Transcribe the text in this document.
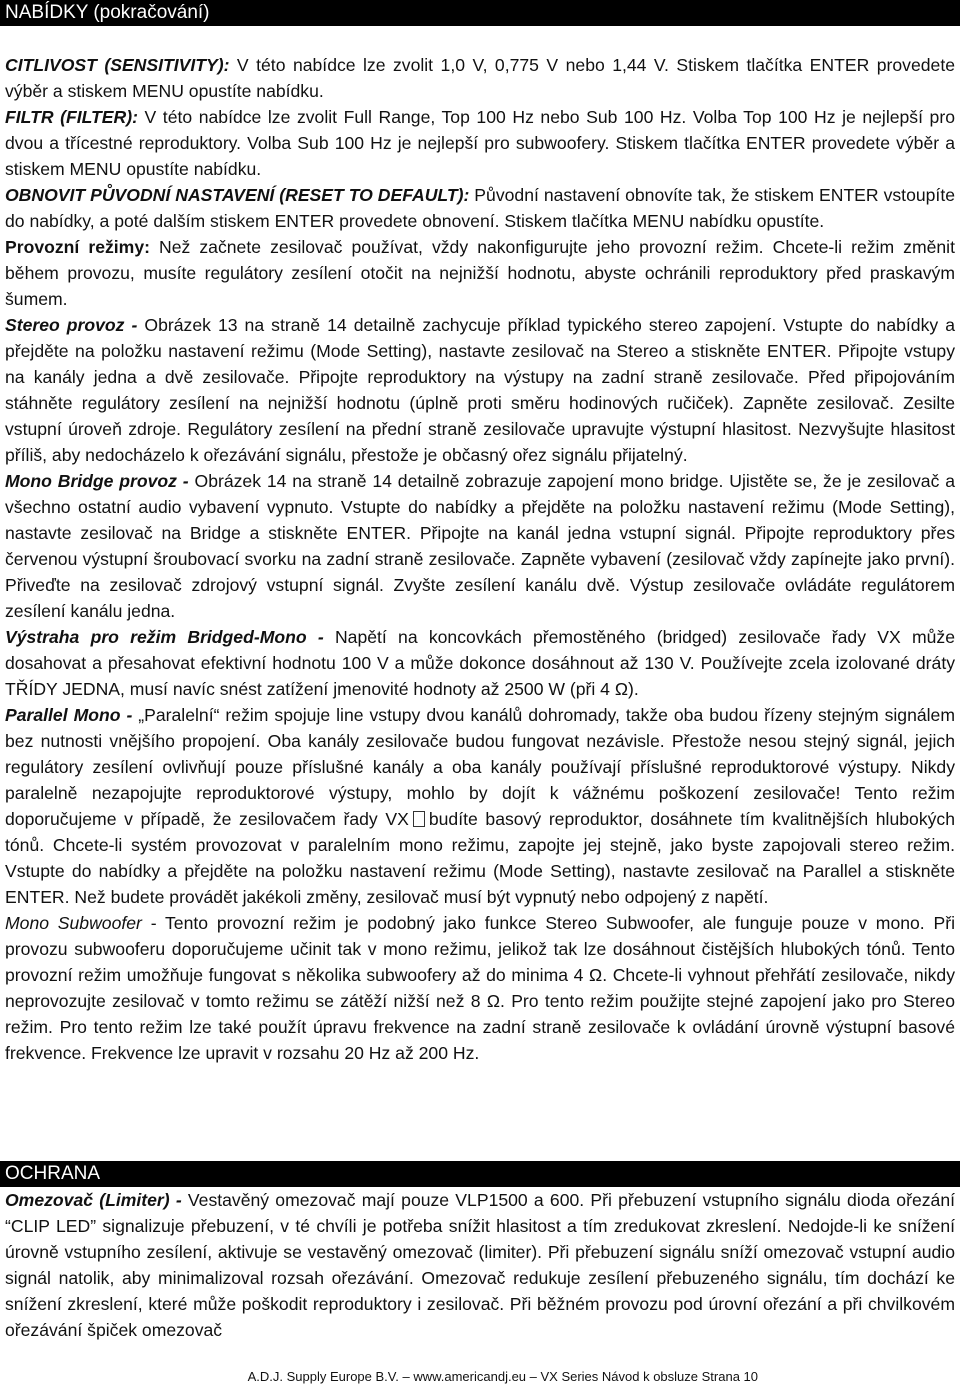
NABÍDKY (pokračování)

CITLIVOST (SENSITIVITY): V této nabídce lze zvolit 1,0 V, 0,775 V nebo 1,44 V. Stiskem tlačítka ENTER provedete výběr a stiskem MENU opustíte nabídku.

FILTR (FILTER): V této nabídce lze zvolit Full Range, Top 100 Hz nebo Sub 100 Hz. Volba Top 100 Hz je nejlepší pro dvou a třícestné reproduktory. Volba Sub 100 Hz je nejlepší pro subwoofery. Stiskem tlačítka ENTER provedete výběr a stiskem MENU opustíte nabídku.

OBNOVIT PŮVODNÍ NASTAVENÍ (RESET TO DEFAULT): Původní nastavení obnovíte tak, že stiskem ENTER vstoupíte do nabídky, a poté dalším stiskem ENTER provedete obnovení. Stiskem tlačítka MENU nabídku opustíte.

Provozní režimy: Než začnete zesilovač používat, vždy nakonfigurujte jeho provozní režim. Chcete-li režim změnit během provozu, musíte regulátory zesílení otočit na nejnižší hodnotu, abyste ochránili reproduktory před praskavým šumem.

Stereo provoz - Obrázek 13 na straně 14 detailně zachycuje příklad typického stereo zapojení. Vstupte do nabídky a přejděte na položku nastavení režimu (Mode Setting), nastavte zesilovač na Stereo a stiskněte ENTER. Připojte vstupy na kanály jedna a dvě zesilovače. Připojte reproduktory na výstupy na zadní straně zesilovače. Před připojováním stáhněte regulátory zesílení na nejnižší hodnotu (úplně proti směru hodinových ručiček). Zapněte zesilovač. Zesilte vstupní úroveň zdroje. Regulátory zesílení na přední straně zesilovače upravujte výstupní hlasitost. Nezvyšujte hlasitost příliš, aby nedocházelo k ořezávání signálu, přestože je občasný ořez signálu přijatelný.

Mono Bridge provoz - Obrázek 14 na straně 14 detailně zobrazuje zapojení mono bridge. Ujistěte se, že je zesilovač a všechno ostatní audio vybavení vypnuto. Vstupte do nabídky a přejděte na položku nastavení režimu (Mode Setting), nastavte zesilovač na Bridge a stiskněte ENTER. Připojte na kanál jedna vstupní signál. Připojte reproduktory přes červenou výstupní šroubovací svorku na zadní straně zesilovače. Zapněte vybavení (zesilovač vždy zapínejte jako první). Přiveďte na zesilovač zdrojový vstupní signál. Zvyšte zesílení kanálu dvě. Výstup zesilovače ovládáte regulátorem zesílení kanálu jedna.

Výstraha pro režim Bridged-Mono - Napětí na koncovkách přemostěného (bridged) zesilovače řady VX může dosahovat a přesahovat efektivní hodnotu 100 V a může dokonce dosáhnout až 130 V. Používejte zcela izolované dráty TŘÍDY JEDNA, musí navíc snést zatížení jmenovité hodnoty až 2500 W (při 4 Ω).

Parallel Mono - „Paralelní“ režim spojuje line vstupy dvou kanálů dohromady, takže oba budou řízeny stejným signálem bez nutnosti vnějšího propojení. Oba kanály zesilovače budou fungovat nezávisle. Přestože nesou stejný signál, jejich regulátory zesílení ovlivňují pouze příslušné kanály a oba kanály používají příslušné reproduktorové výstupy. Nikdy paralelně nezapojujte reproduktorové výstupy, mohlo by dojít k vážnému poškození zesilovače! Tento režim doporučujeme v případě, že zesilovačem řady VX budíte basový reproduktor, dosáhnete tím kvalitnějších hlubokých tónů. Chcete-li systém provozovat v paralelním mono režimu, zapojte jej stejně, jako byste zapojovali stereo režim. Vstupte do nabídky a přejděte na položku nastavení režimu (Mode Setting), nastavte zesilovač na Parallel a stiskněte ENTER. Než budete provádět jakékoli změny, zesilovač musí být vypnutý nebo odpojený z napětí.

Mono Subwoofer - Tento provozní režim je podobný jako funkce Stereo Subwoofer, ale funguje pouze v mono. Při provozu subwooferu doporučujeme učinit tak v mono režimu, jelikož tak lze dosáhnout čistějších hlubokých tónů. Tento provozní režim umožňuje fungovat s několika subwoofery až do minima 4 Ω. Chcete-li vyhnout přehřátí zesilovače, nikdy neprovozujte zesilovač v tomto režimu se zátěží nižší než 8 Ω. Pro tento režim použijte stejné zapojení jako pro Stereo režim. Pro tento režim lze také použít úpravu frekvence na zadní straně zesilovače k ovládání úrovně výstupní basové frekvence. Frekvence lze upravit v rozsahu 20 Hz až 200 Hz.

OCHRANA

Omezovač (Limiter) - Vestavěný omezovač mají pouze VLP1500 a 600. Při přebuzení vstupního signálu dioda ořezání “CLIP LED” signalizuje přebuzení, v té chvíli je potřeba snížit hlasitost a tím zredukovat zkreslení. Nedojde-li ke snížení úrovně vstupního zesílení, aktivuje se vestavěný omezovač (limiter). Při přebuzení signálu sníží omezovač vstupní audio signál natolik, aby minimalizoval rozsah ořezávání. Omezovač redukuje zesílení přebuzeného signálu, tím dochází ke snížení zkreslení, které může poškodit reproduktory i zesilovač. Při běžném provozu pod úrovní ořezání a při chvilkovém ořezávání špiček omezovač

A.D.J. Supply Europe B.V. – www.americandj.eu – VX Series Návod k obsluze Strana 10
